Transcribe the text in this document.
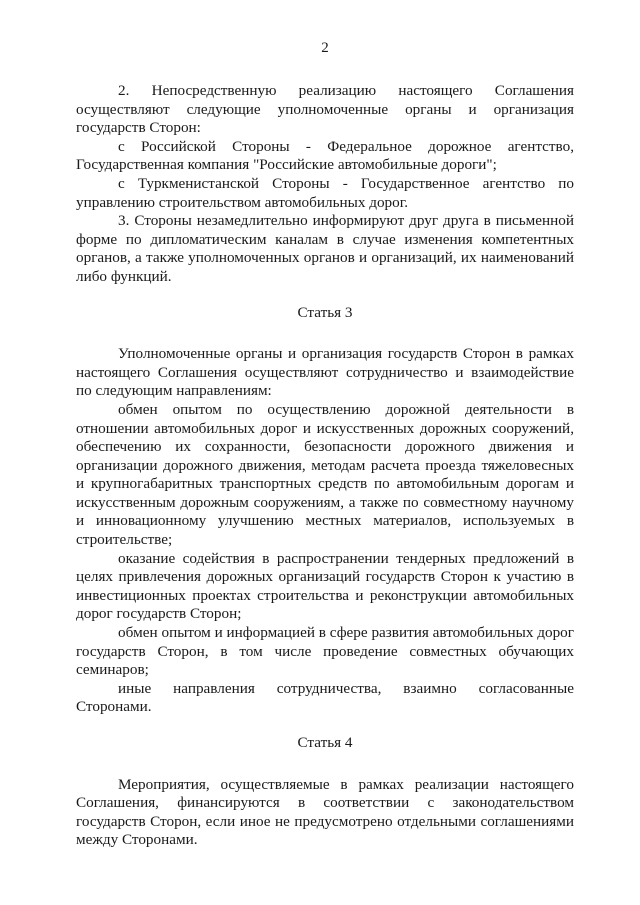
2

2. Непосредственную реализацию настоящего Соглашения осуществляют следующие уполномоченные органы и организация государств Сторон:

с Российской Стороны - Федеральное дорожное агентство, Государственная компания "Российские автомобильные дороги";

с Туркменистанской Стороны - Государственное агентство по управлению строительством автомобильных дорог.

3. Стороны незамедлительно информируют друг друга в письменной форме по дипломатическим каналам в случае изменения компетентных органов, а также уполномоченных органов и организаций, их наименований либо функций.

Статья 3

Уполномоченные органы и организация государств Сторон в рамках настоящего Соглашения осуществляют сотрудничество и взаимодействие по следующим направлениям:

обмен опытом по осуществлению дорожной деятельности в отношении автомобильных дорог и искусственных дорожных сооружений, обеспечению их сохранности, безопасности дорожного движения и организации дорожного движения, методам расчета проезда тяжеловесных и крупногабаритных транспортных средств по автомобильным дорогам и искусственным дорожным сооружениям, а также по совместному научному и инновационному улучшению местных материалов, используемых в строительстве;

оказание содействия в распространении тендерных предложений в целях привлечения дорожных организаций государств Сторон к участию в инвестиционных проектах строительства и реконструкции автомобильных дорог государств Сторон;

обмен опытом и информацией в сфере развития автомобильных дорог государств Сторон, в том числе проведение совместных обучающих семинаров;

иные направления сотрудничества, взаимно согласованные Сторонами.

Статья 4

Мероприятия, осуществляемые в рамках реализации настоящего Соглашения, финансируются в соответствии с законодательством государств Сторон, если иное не предусмотрено отдельными соглашениями между Сторонами.
